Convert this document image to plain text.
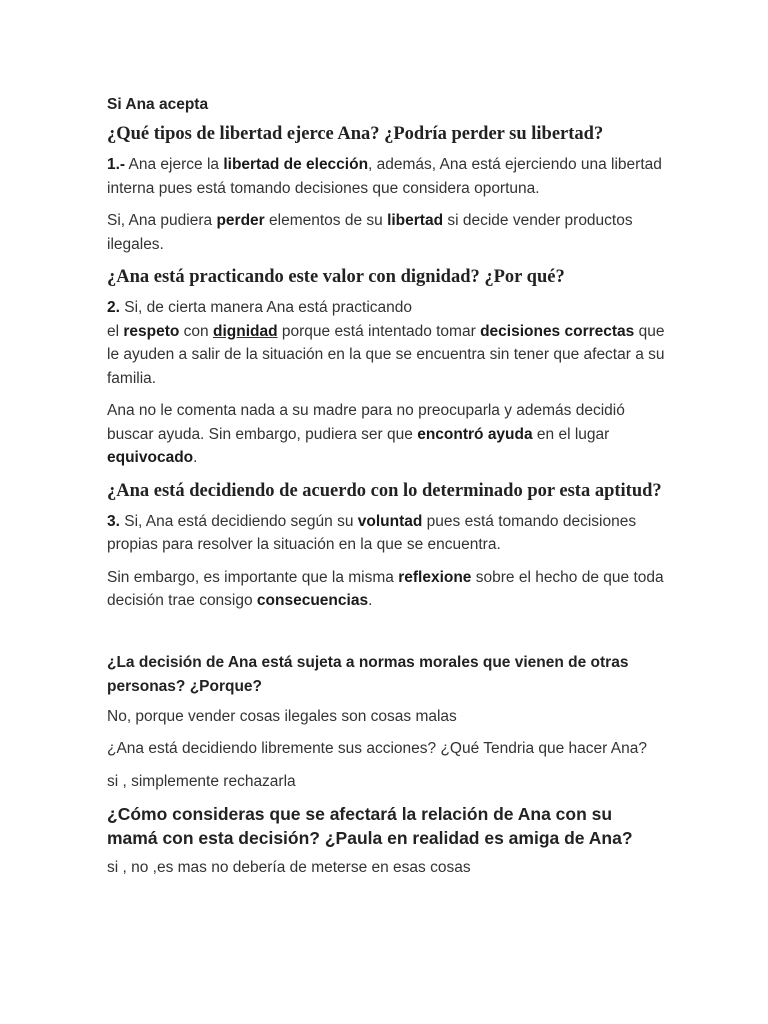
Si Ana acepta
¿Qué tipos de libertad ejerce Ana? ¿Podría perder su libertad?
1.- Ana ejerce la libertad de elección, además, Ana está ejerciendo una libertad interna pues está tomando decisiones que considera oportuna.
Si, Ana pudiera perder elementos de su libertad si decide vender productos ilegales.
¿Ana está practicando este valor con dignidad? ¿Por qué?
2. Si, de cierta manera Ana está practicando
el respeto con dignidad porque está intentado tomar decisiones correctas que le ayuden a salir de la situación en la que se encuentra sin tener que afectar a su familia.
Ana no le comenta nada a su madre para no preocuparla y además decidió buscar ayuda. Sin embargo, pudiera ser que encontró ayuda en el lugar equivocado.
¿Ana está decidiendo de acuerdo con lo determinado por esta aptitud?
3. Si, Ana está decidiendo según su voluntad pues está tomando decisiones propias para resolver la situación en la que se encuentra.
Sin embargo, es importante que la misma reflexione sobre el hecho de que toda decisión trae consigo consecuencias.
¿La decisión de Ana está sujeta a normas morales que vienen de otras personas? ¿Porque?
No, porque vender cosas ilegales son cosas malas
¿Ana está decidiendo libremente sus acciones? ¿Qué Tendria que hacer Ana?
si , simplemente rechazarla
¿Cómo consideras que se afectará la relación de Ana con su mamá con esta decisión? ¿Paula en realidad es amiga de Ana?
si , no ,es mas no debería de meterse en esas cosas
